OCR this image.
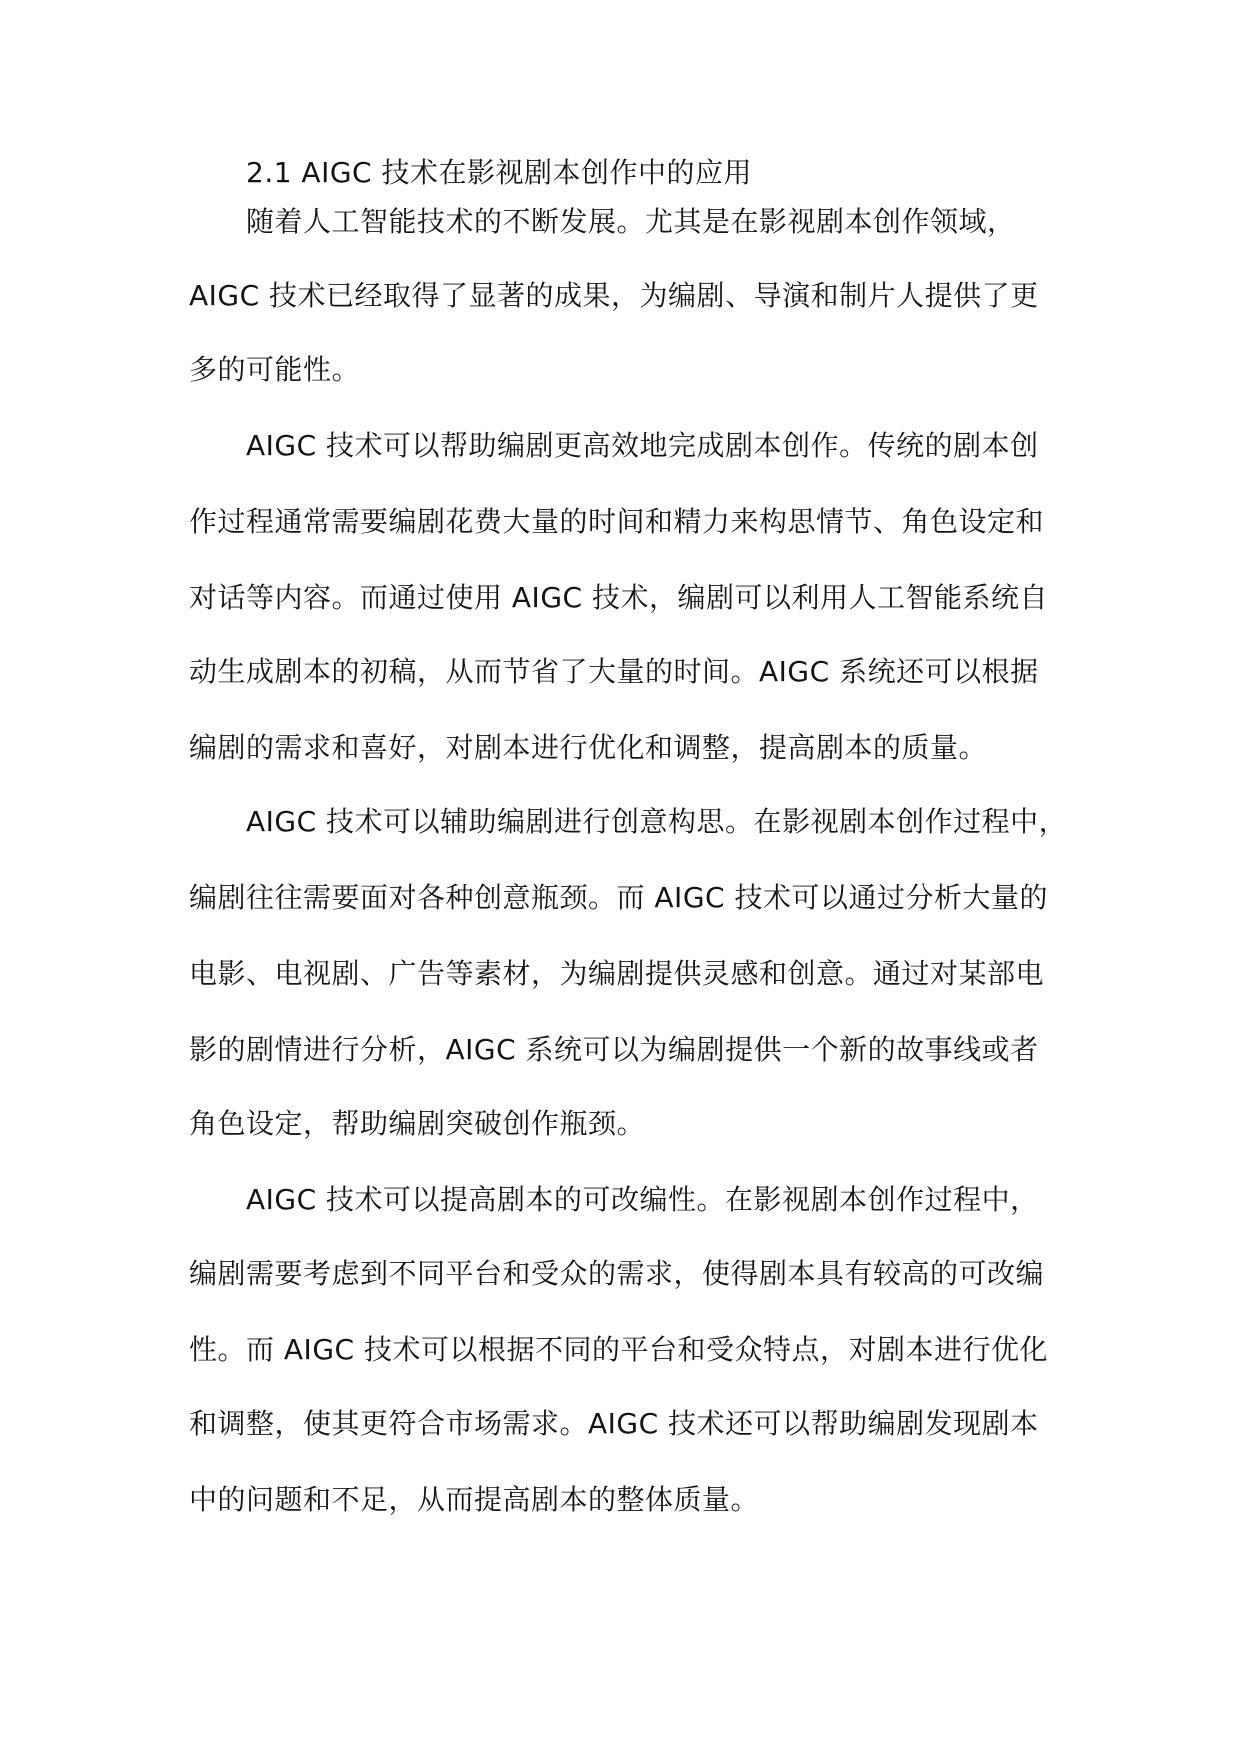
2.1 AIGC 技术在影视剧本创作中的应用
随着人工智能技术的不断发展。尤其是在影视剧本创作领域，
AIGC 技术已经取得了显著的成果，为编剧、导演和制片人提供了更
多的可能性。
AIGC 技术可以帮助编剧更高效地完成剧本创作。传统的剧本创
作过程通常需要编剧花费大量的时间和精力来构思情节、角色设定和
对话等内容。而通过使用 AIGC 技术，编剧可以利用人工智能系统自
动生成剧本的初稿，从而节省了大量的时间。AIGC 系统还可以根据
编剧的需求和喜好，对剧本进行优化和调整，提高剧本的质量。
AIGC 技术可以辅助编剧进行创意构思。在影视剧本创作过程中，
编剧往往需要面对各种创意瓶颈。而 AIGC 技术可以通过分析大量的
电影、电视剧、广告等素材，为编剧提供灵感和创意。通过对某部电
影的剧情进行分析，AIGC 系统可以为编剧提供一个新的故事线或者
角色设定，帮助编剧突破创作瓶颈。
AIGC 技术可以提高剧本的可改编性。在影视剧本创作过程中，
编剧需要考虑到不同平台和受众的需求，使得剧本具有较高的可改编
性。而 AIGC 技术可以根据不同的平台和受众特点，对剧本进行优化
和调整，使其更符合市场需求。AIGC 技术还可以帮助编剧发现剧本
中的问题和不足，从而提高剧本的整体质量。
